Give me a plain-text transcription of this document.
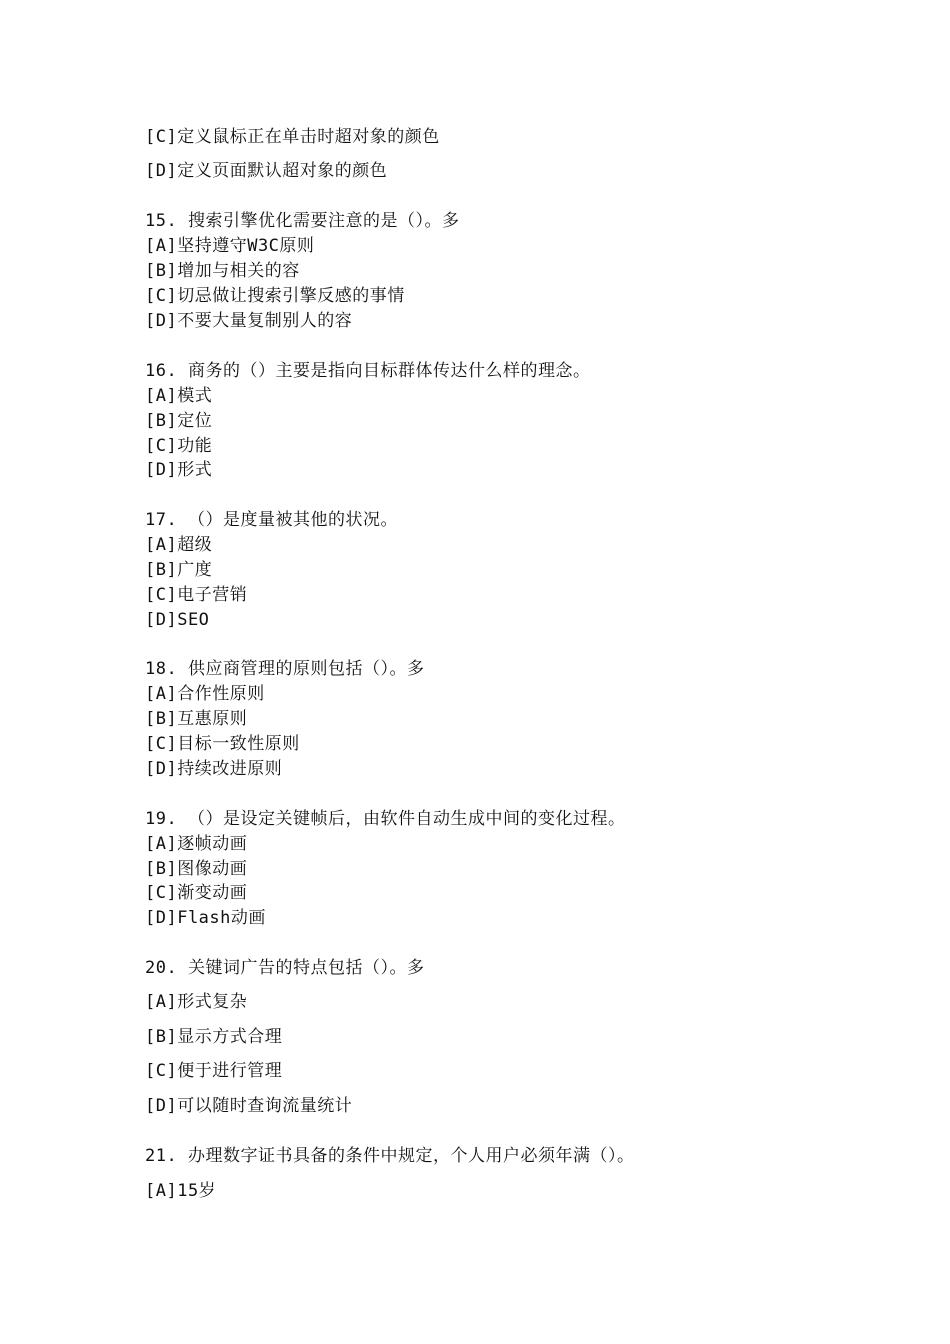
[C]定义鼠标正在单击时超对象的颜色
[D]定义页面默认超对象的颜色
15. 搜索引擎优化需要注意的是（）。多
[A]坚持遵守W3C原则
[B]增加与相关的容
[C]切忌做让搜索引擎反感的事情
[D]不要大量复制别人的容
16. 商务的（）主要是指向目标群体传达什么样的理念。
[A]模式
[B]定位
[C]功能
[D]形式
17. （）是度量被其他的状况。
[A]超级
[B]广度
[C]电子营销
[D]SEO
18. 供应商管理的原则包括（）。多
[A]合作性原则
[B]互惠原则
[C]目标一致性原则
[D]持续改进原则
19. （）是设定关键帧后，由软件自动生成中间的变化过程。
[A]逐帧动画
[B]图像动画
[C]渐变动画
[D]Flash动画
20. 关键词广告的特点包括（）。多
[A]形式复杂
[B]显示方式合理
[C]便于进行管理
[D]可以随时查询流量统计
21. 办理数字证书具备的条件中规定，个人用户必须年满（）。
[A]15岁
